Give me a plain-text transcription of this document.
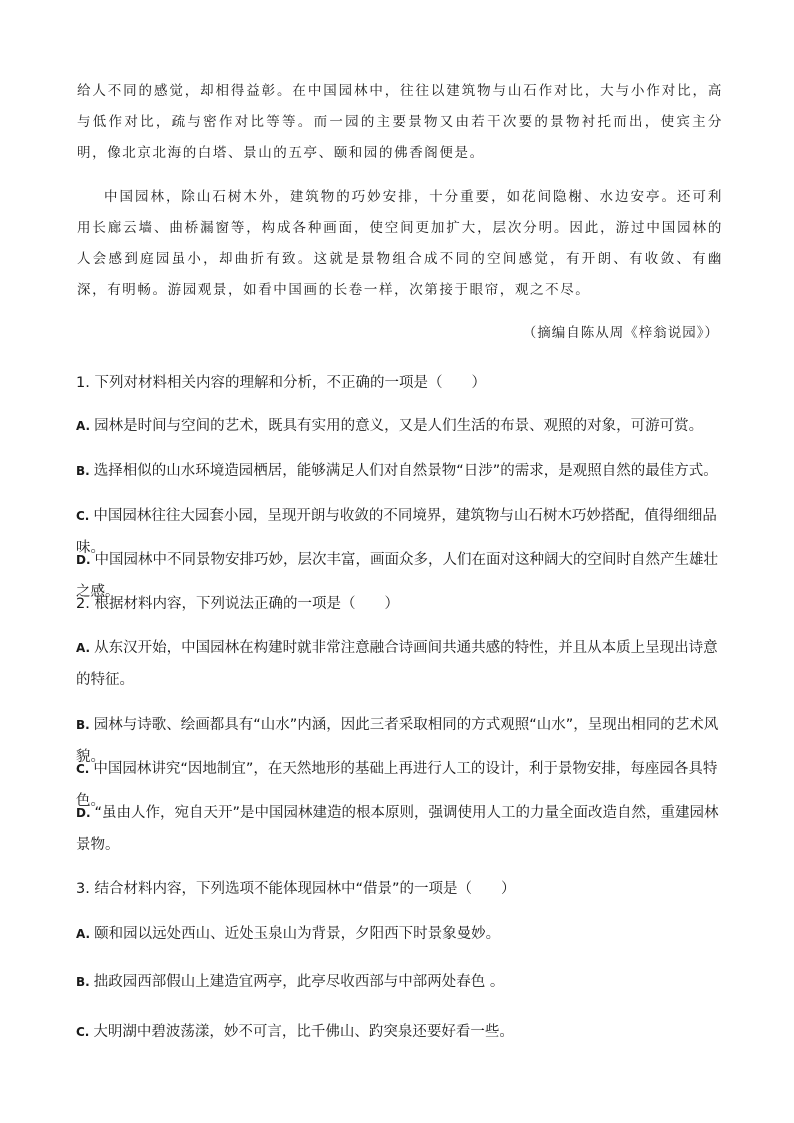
给人不同的感觉，却相得益彰。在中国园林中，往往以建筑物与山石作对比，大与小作对比，高与低作对比，疏与密作对比等等。而一园的主要景物又由若干次要的景物衬托而出，使宾主分明，像北京北海的白塔、景山的五亭、颐和园的佛香阁便是。

中国园林，除山石树木外，建筑物的巧妙安排，十分重要，如花间隐榭、水边安亭。还可利用长廊云墙、曲桥漏窗等，构成各种画面，使空间更加扩大，层次分明。因此，游过中国园林的人会感到庭园虽小，却曲折有致。这就是景物组合成不同的空间感觉，有开朗、有收敛、有幽深，有明畅。游园观景，如看中国画的长卷一样，次第接于眼帘，观之不尽。

（摘编自陈从周《梓翁说园》）

1. 下列对材料相关内容的理解和分析，不正确的一项是（　　）

A. 园林是时间与空间的艺术，既具有实用的意义，又是人们生活的布景、观照的对象，可游可赏。

B. 选择相似的山水环境造园栖居，能够满足人们对自然景物“日涉”的需求，是观照自然的最佳方式。

C. 中国园林往往大园套小园，呈现开朗与收敛的不同境界，建筑物与山石树木巧妙搭配，值得细细品味。

D. 中国园林中不同景物安排巧妙，层次丰富，画面众多，人们在面对这种阔大的空间时自然产生雄壮之感。

2. 根据材料内容，下列说法正确的一项是（　　）

A. 从东汉开始，中国园林在构建时就非常注意融合诗画间共通共感的特性，并且从本质上呈现出诗意的特征。

B. 园林与诗歌、绘画都具有“山水”内涵，因此三者采取相同的方式观照“山水”，呈现出相同的艺术风貌。

C. 中国园林讲究“因地制宜”，在天然地形的基础上再进行人工的设计，利于景物安排，每座园各具特色。

D. “虽由人作，宛自天开”是中国园林建造的根本原则，强调使用人工的力量全面改造自然，重建园林景物。

3. 结合材料内容，下列选项不能体现园林中“借景”的一项是（　　）

A. 颐和园以远处西山、近处玉泉山为背景，夕阳西下时景象曼妙。

B. 拙政园西部假山上建造宜两亭，此亭尽收西部与中部两处春色 。

C. 大明湖中碧波荡漾，妙不可言，比千佛山、趵突泉还要好看一些。
